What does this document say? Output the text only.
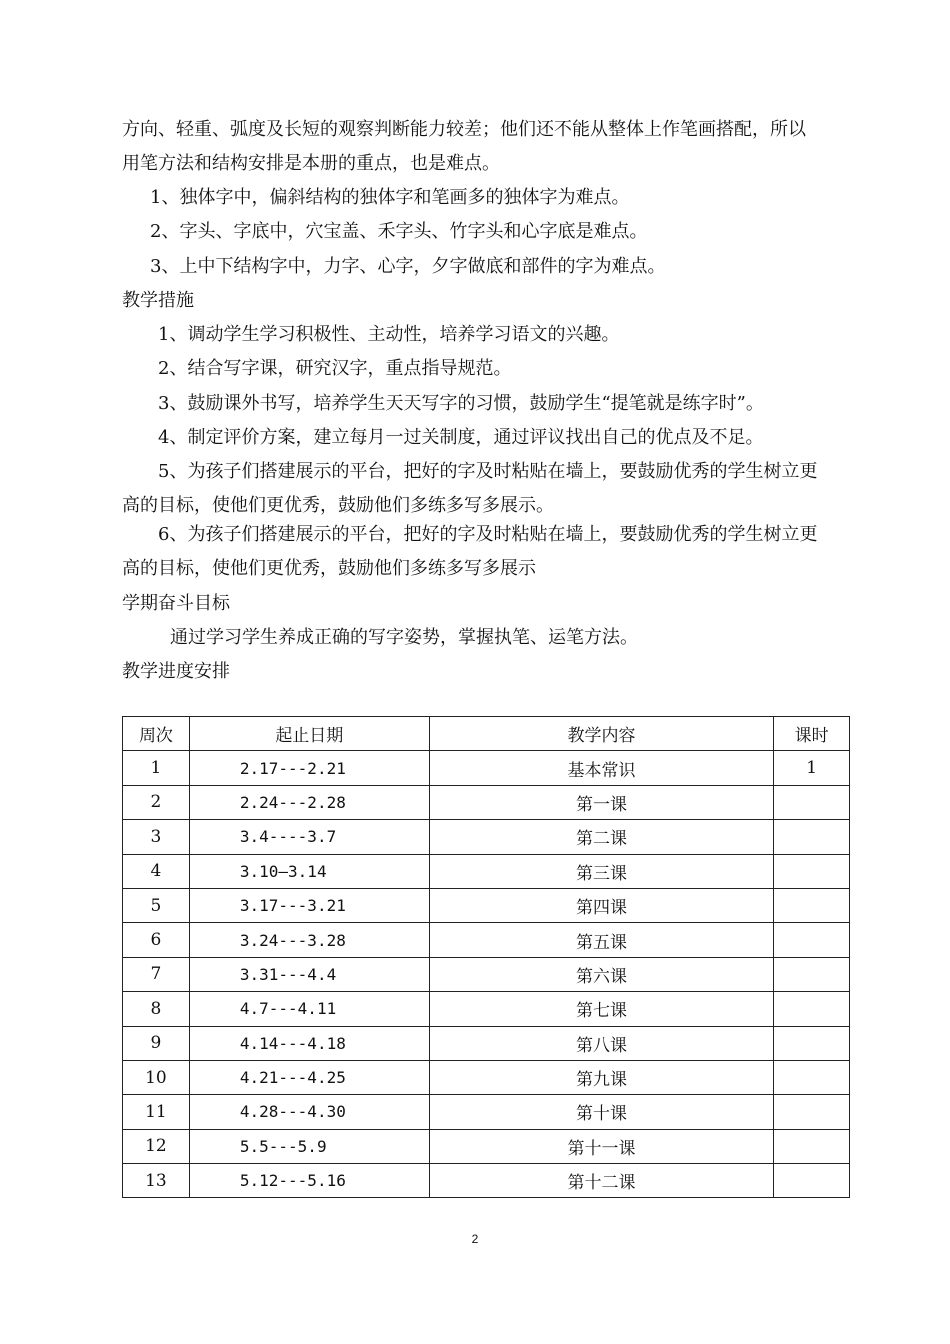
方向、轻重、弧度及长短的观察判断能力较差；他们还不能从整体上作笔画搭配，所以
用笔方法和结构安排是本册的重点，也是难点。
1、独体字中，偏斜结构的独体字和笔画多的独体字为难点。
2、字头、字底中，穴宝盖、禾字头、竹字头和心字底是难点。
3、上中下结构字中，力字、心字，夕字做底和部件的字为难点。
教学措施
1、调动学生学习积极性、主动性，培养学习语文的兴趣。
2、结合写字课，研究汉字，重点指导规范。
3、鼓励课外书写，培养学生天天写字的习惯，鼓励学生“提笔就是练字时”。
4、制定评价方案，建立每月一过关制度，通过评议找出自己的优点及不足。
5、为孩子们搭建展示的平台，把好的字及时粘贴在墙上，要鼓励优秀的学生树立更
高的目标，使他们更优秀，鼓励他们多练多写多展示。
6、为孩子们搭建展示的平台，把好的字及时粘贴在墙上，要鼓励优秀的学生树立更
高的目标，使他们更优秀，鼓励他们多练多写多展示
学期奋斗目标
通过学习学生养成正确的写字姿势，掌握执笔、运笔方法。
教学进度安排
周次	起止日期	教学内容	课时
1	2.17---2.21	基本常识	1
2	2.24---2.28	第一课	
3	3.4----3.7	第二课	
4	3.10—3.14	第三课	
5	3.17---3.21	第四课	
6	3.24---3.28	第五课	
7	3.31---4.4	第六课	
8	4.7---4.11	第七课	
9	4.14---4.18	第八课	
10	4.21---4.25	第九课	
11	4.28---4.30	第十课	
12	5.5---5.9	第十一课	
13	5.12---5.16	第十二课	
2
